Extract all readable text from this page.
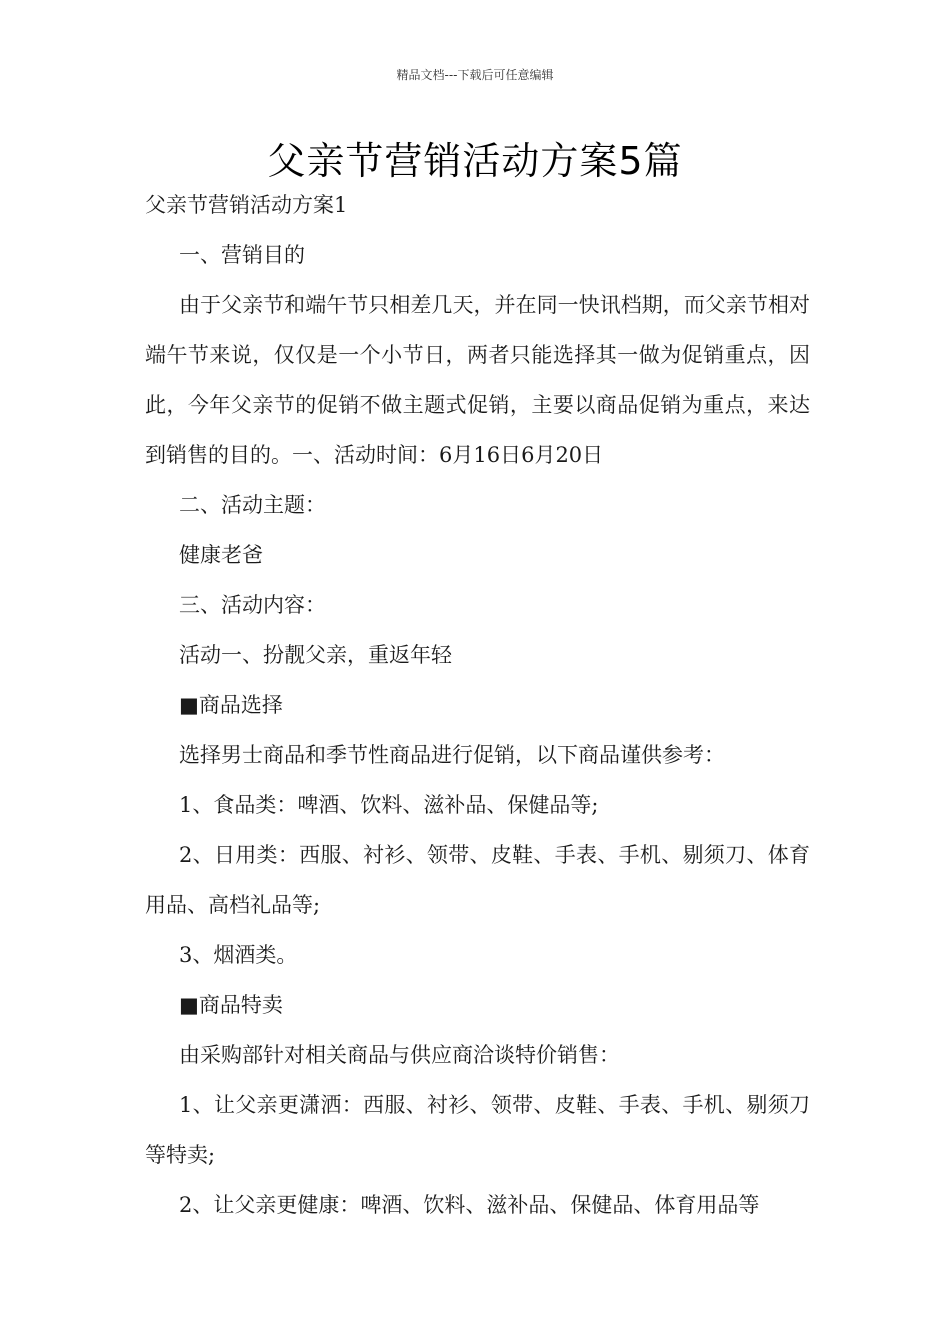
精品文档---下载后可任意编辑
父亲节营销活动方案5篇

父亲节营销活动方案1

一、营销目的

由于父亲节和端午节只相差几天，并在同一快讯档期，而父亲节相对端午节来说，仅仅是一个小节日，两者只能选择其一做为促销重点，因此，今年父亲节的促销不做主题式促销，主要以商品促销为重点，来达到销售的目的。一、活动时间：6月16日6月20日

二、活动主题：

健康老爸

三、活动内容：

活动一、扮靓父亲，重返年轻

■商品选择

选择男士商品和季节性商品进行促销，以下商品谨供参考：

1、食品类：啤酒、饮料、滋补品、保健品等;

2、日用类：西服、衬衫、领带、皮鞋、手表、手机、剔须刀、体育用品、高档礼品等;

3、烟酒类。

■商品特卖

由采购部针对相关商品与供应商洽谈特价销售：

1、让父亲更潇洒：西服、衬衫、领带、皮鞋、手表、手机、剔须刀等特卖;

2、让父亲更健康：啤酒、饮料、滋补品、保健品、体育用品等
